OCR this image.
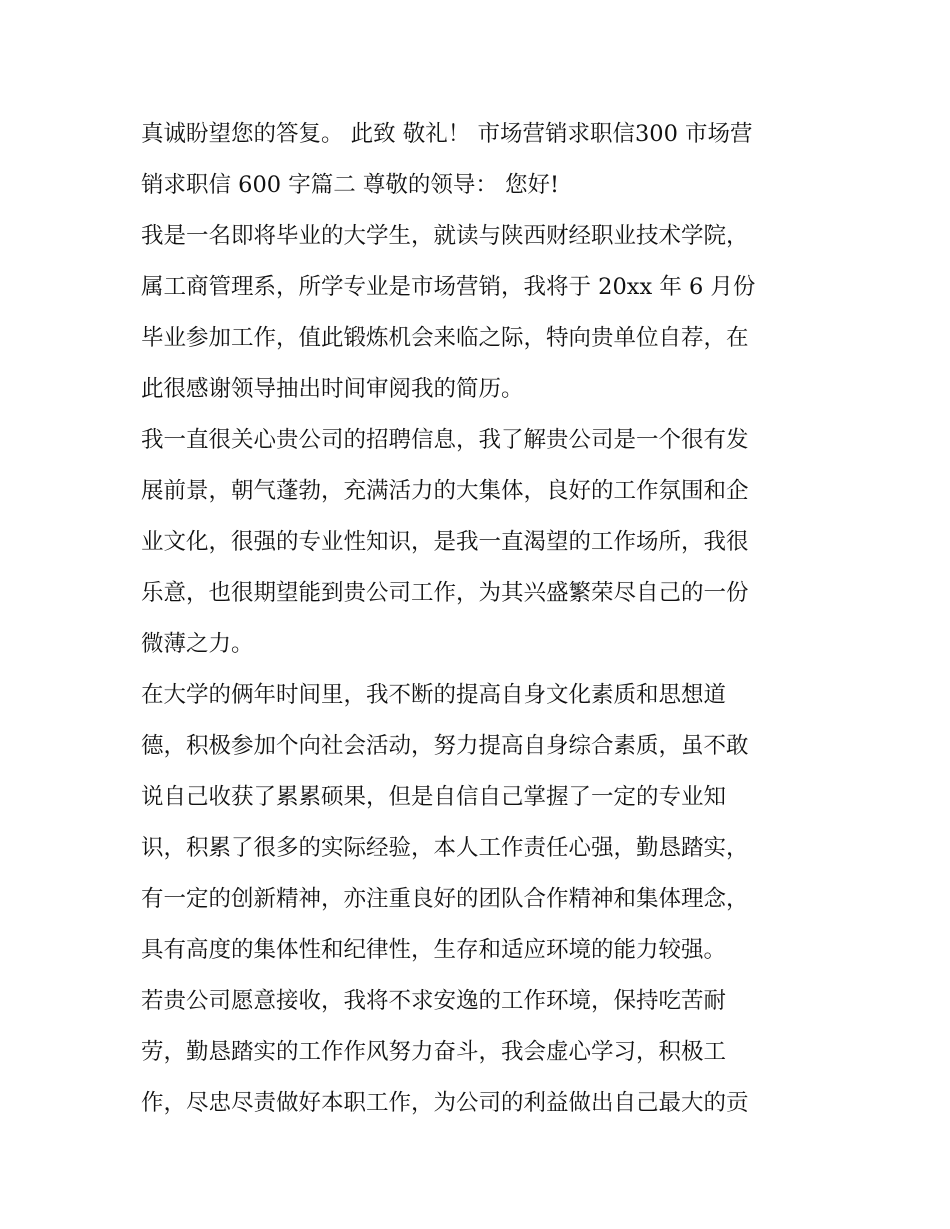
真诚盼望您的答复。 此致 敬礼！ 市场营销求职信300 市场营
销求职信 600 字篇二 尊敬的领导： 您好!
我是一名即将毕业的大学生，就读与陕西财经职业技术学院，
属工商管理系，所学专业是市场营销，我将于 20xx 年 6 月份
毕业参加工作，值此锻炼机会来临之际，特向贵单位自荐，在
此很感谢领导抽出时间审阅我的简历。
我一直很关心贵公司的招聘信息，我了解贵公司是一个很有发
展前景，朝气蓬勃，充满活力的大集体，良好的工作氛围和企
业文化，很强的专业性知识，是我一直渴望的工作场所，我很
乐意，也很期望能到贵公司工作，为其兴盛繁荣尽自己的一份
微薄之力。
在大学的俩年时间里，我不断的提高自身文化素质和思想道
德，积极参加个向社会活动，努力提高自身综合素质，虽不敢
说自己收获了累累硕果，但是自信自己掌握了一定的专业知
识，积累了很多的实际经验，本人工作责任心强，勤恳踏实，
有一定的创新精神，亦注重良好的团队合作精神和集体理念，
具有高度的集体性和纪律性，生存和适应环境的能力较强。
若贵公司愿意接收，我将不求安逸的工作环境，保持吃苦耐
劳，勤恳踏实的工作作风努力奋斗，我会虚心学习，积极工
作，尽忠尽责做好本职工作，为公司的利益做出自己最大的贡
